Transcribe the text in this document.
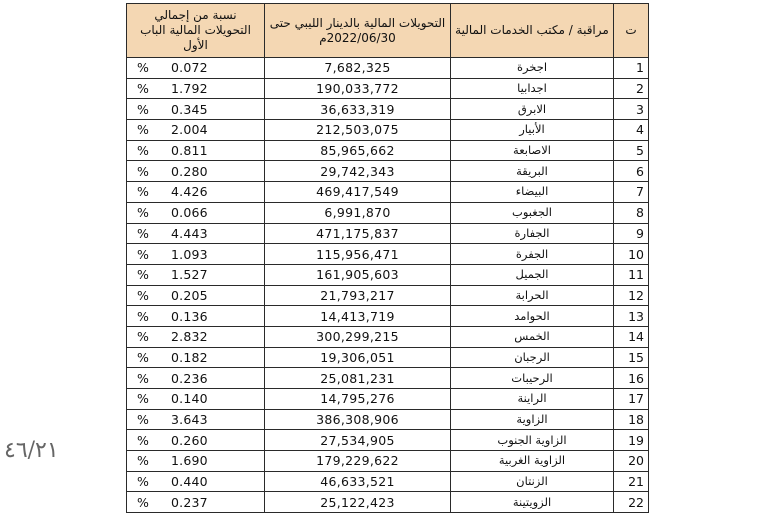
نسبة من إجمالي التحويلات المالية الباب الأول	التحويلات المالية بالدينار الليبي حتى 2022/06/30م	مراقبة / مكتب الخدمات المالية	ت
% 0.072	7,682,325	اجخرة	1
% 1.792	190,033,772	اجدابيا	2
% 0.345	36,633,319	الابرق	3
% 2.004	212,503,075	الأبيار	4
% 0.811	85,965,662	الاصابعة	5
% 0.280	29,742,343	البريقة	6
% 4.426	469,417,549	البيضاء	7
% 0.066	6,991,870	الجغبوب	8
% 4.443	471,175,837	الجفارة	9
% 1.093	115,956,471	الجفرة	10
% 1.527	161,905,603	الجميل	11
% 0.205	21,793,217	الحرابة	12
% 0.136	14,413,719	الحوامد	13
% 2.832	300,299,215	الخمس	14
% 0.182	19,306,051	الرجبان	15
% 0.236	25,081,231	الرحيبات	16
% 0.140	14,795,276	الراينة	17
% 3.643	386,308,906	الزاوية	18
% 0.260	27,534,905	الزاوية الجنوب	19
% 1.690	179,229,622	الزاوية الغربية	20
% 0.440	46,633,521	الزنتان	21
% 0.237	25,122,423	الزويتينة	22
٤٦/٢١
